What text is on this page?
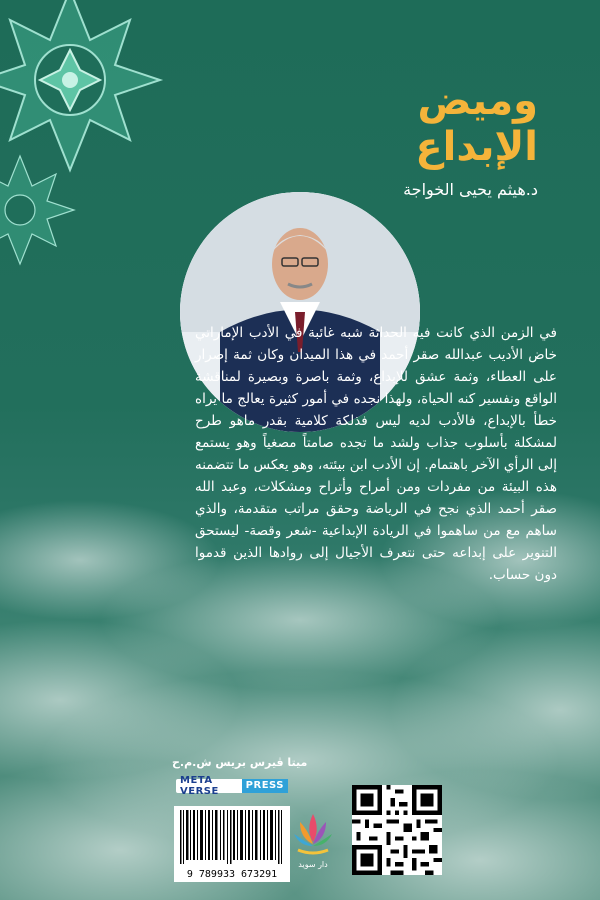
وميض
الإبداع
د.هيثم يحيى الخواجة
في الزمن الذي كانت فيه الحداثة شبه غائبة في الأدب الإماراتي خاض الأديب عبدالله صقر أحمد في هذا الميدان وكان ثمة إصرار على العطاء، وثمة عشق للإبداع، وثمة باصرة وبصيرة لمناقشة الواقع ونفسير كنه الحياة، ولهذا نجده في أمور كثيرة يعالج ما يراه خطأ بالإبداع، فالأدب لديه ليس فذلكة كلامية بقدر ماهو طرح لمشكلة بأسلوب جذاب ولشد ما تجده صامتاً مصغياً وهو يستمع إلى الرأي الآخر باهتمام. إن الأدب ابن بيئته، وهو يعكس ما تتضمنه هذه البيئة من مفردات ومن أمراح وأتراح ومشكلات، وعبد الله صقر أحمد الذي نجح في الرياضة وحقق مراتب متقدمة، والذي ساهم مع من ساهموا في الريادة الإبداعية -شعر وقصة- ليستحق التنوير على إبداعه حتى نتعرف الأجيال إلى روادها الذين قدموا دون حساب.
ميتا ڤيرس بريس ش.م.ح
META VERSE
PRESS
9 789933 673291
دار سويد
